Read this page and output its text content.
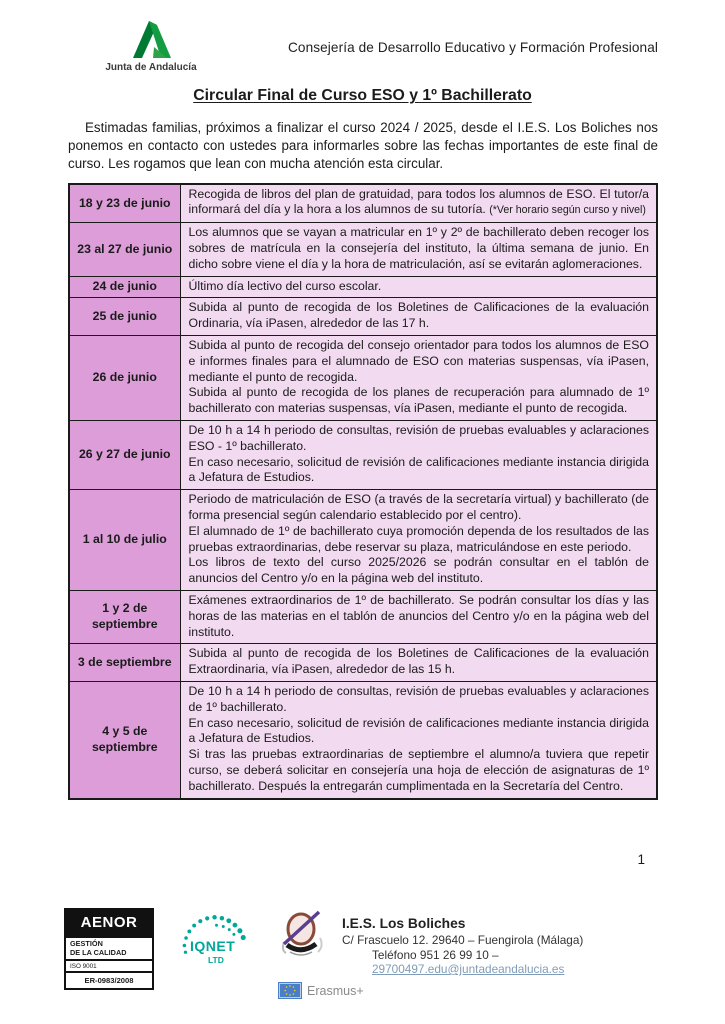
Junta de Andalucía
Consejería de Desarrollo Educativo y Formación Profesional
Circular Final de Curso ESO y 1º Bachillerato

Estimadas familias, próximos a finalizar el curso 2024 / 2025, desde el I.E.S. Los Boliches nos ponemos en contacto con ustedes para informarles sobre las fechas importantes de este final de curso. Les rogamos que lean con mucha atención esta circular.

18 y 23 de junio	Recogida de libros del plan de gratuidad, para todos los alumnos de ESO. El tutor/a informará del día y la hora a los alumnos de su tutoría. (*Ver horario según curso y nivel)

23 al 27 de junio	Los alumnos que se vayan a matricular en 1º y 2º de bachillerato deben recoger los sobres de matrícula en la consejería del instituto, la última semana de junio. En dicho sobre viene el día y la hora de matriculación, así se evitarán aglomeraciones.

24 de junio	Último día lectivo del curso escolar.

25 de junio	Subida al punto de recogida de los Boletines de Calificaciones de la evaluación Ordinaria, vía iPasen, alrededor de las 17 h.

26 de junio	Subida al punto de recogida del consejo orientador para todos los alumnos de ESO e informes finales para el alumnado de ESO con materias suspensas, vía iPasen, mediante el punto de recogida.
Subida al punto de recogida de los planes de recuperación para alumnado de 1º bachillerato con materias suspensas, vía iPasen, mediante el punto de recogida.

26 y 27 de junio	De 10 h a 14 h periodo de consultas, revisión de pruebas evaluables y aclaraciones ESO - 1º bachillerato.
En caso necesario, solicitud de revisión de calificaciones mediante instancia dirigida a Jefatura de Estudios.

1 al 10 de julio	Periodo de matriculación de ESO (a través de la secretaría virtual) y bachillerato (de forma presencial según calendario establecido por el centro).
El alumnado de 1º de bachillerato cuya promoción dependa de los resultados de las pruebas extraordinarias, debe reservar su plaza, matriculándose en este periodo.
Los libros de texto del curso 2025/2026 se podrán consultar en el tablón de anuncios del Centro y/o en la página web del instituto.

1 y 2 de septiembre	Exámenes extraordinarios de 1º de bachillerato. Se podrán consultar los días y las horas de las materias en el tablón de anuncios del Centro y/o en la página web del instituto.

3 de septiembre	Subida al punto de recogida de los Boletines de Calificaciones de la evaluación Extraordinaria, vía iPasen, alrededor de las 15 h.

4 y 5 de septiembre	De 10 h a 14 h periodo de consultas, revisión de pruebas evaluables y aclaraciones de 1º bachillerato.
En caso necesario, solicitud de revisión de calificaciones mediante instancia dirigida a Jefatura de Estudios.
Si tras las pruebas extraordinarias de septiembre el alumno/a tuviera que repetir curso, se deberá solicitar en consejería una hoja de elección de asignaturas de 1º bachillerato. Después la entregarán cumplimentada en la Secretaría del Centro.
1
AENOR
GESTIÓN
DE LA CALIDAD
ISO 9001
ER-0983/2008
IQNET
LTD
I.E.S. Los Boliches
C/ Frascuelo 12. 29640 – Fuengirola (Málaga)
Teléfono 951 26 99 10 – 29700497.edu@juntadeandalucia.es
Erasmus+
